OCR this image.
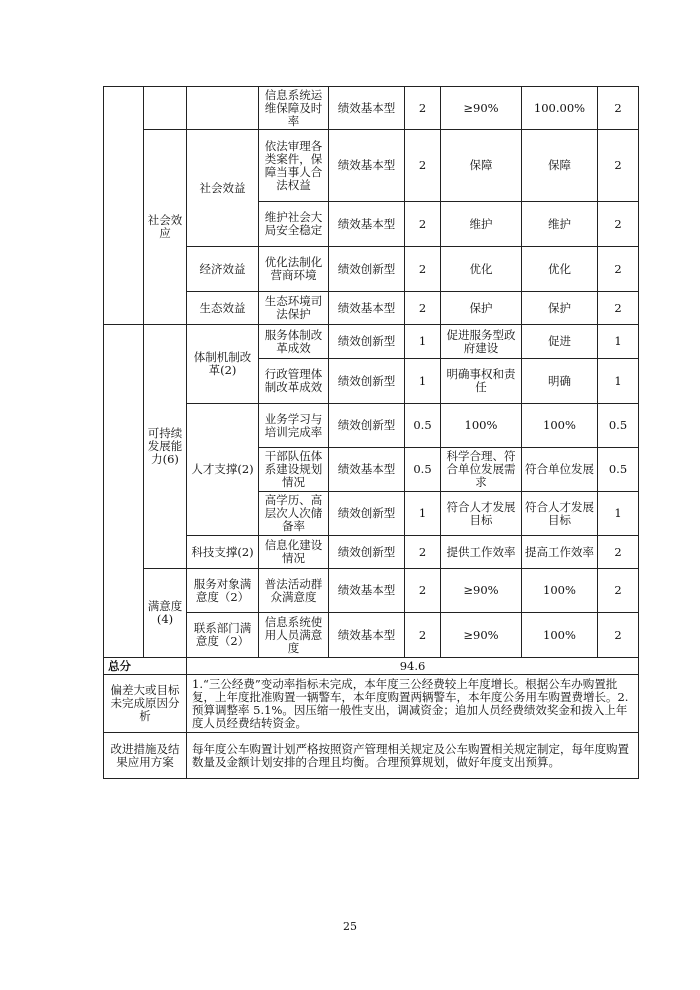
			信息系统运维保障及时率	绩效基本型	2	≥90%	100.00%	2
	社会效应	社会效益	依法审理各类案件，保障当事人合法权益	绩效基本型	2	保障	保障	2
			维护社会大局安全稳定	绩效基本型	2	维护	维护	2
		经济效益	优化法制化营商环境	绩效创新型	2	优化	优化	2
		生态效益	生态环境司法保护	绩效基本型	2	保护	保护	2
	可持续发展能力(6)	体制机制改革(2)	服务体制改革成效	绩效创新型	1	促进服务型政府建设	促进	1
			行政管理体制改革成效	绩效创新型	1	明确事权和责任	明确	1
		人才支撑(2)	业务学习与培训完成率	绩效创新型	0.5	100%	100%	0.5
			干部队伍体系建设规划情况	绩效基本型	0.5	科学合理、符合单位发展需求	符合单位发展	0.5
			高学历、高层次人次储备率	绩效创新型	1	符合人才发展目标	符合人才发展目标	1
		科技支撑(2)	信息化建设情况	绩效创新型	2	提供工作效率	提高工作效率	2
	满意度(4)	服务对象满意度（2）	普法活动群众满意度	绩效基本型	2	≥90%	100%	2
		联系部门满意度（2）	信息系统使用人员满意度	绩效基本型	2	≥90%	100%	2
总分		94.6						
偏差大或目标未完成原因分析		1.“三公经费”变动率指标未完成，本年度三公经费较上年度增长。根据公车办购置批复，上年度批准购置一辆警车，本年度购置两辆警车，本年度公务用车购置费增长。2. 预算调整率 5.1%。因压缩一般性支出，调减资金；追加人员经费绩效奖金和拨入上年度人员经费结转资金。						
改进措施及结果应用方案		每年度公车购置计划严格按照资产管理相关规定及公车购置相关规定制定，每年度购置数量及金额计划安排的合理且均衡。合理预算规划，做好年度支出预算。						
25
